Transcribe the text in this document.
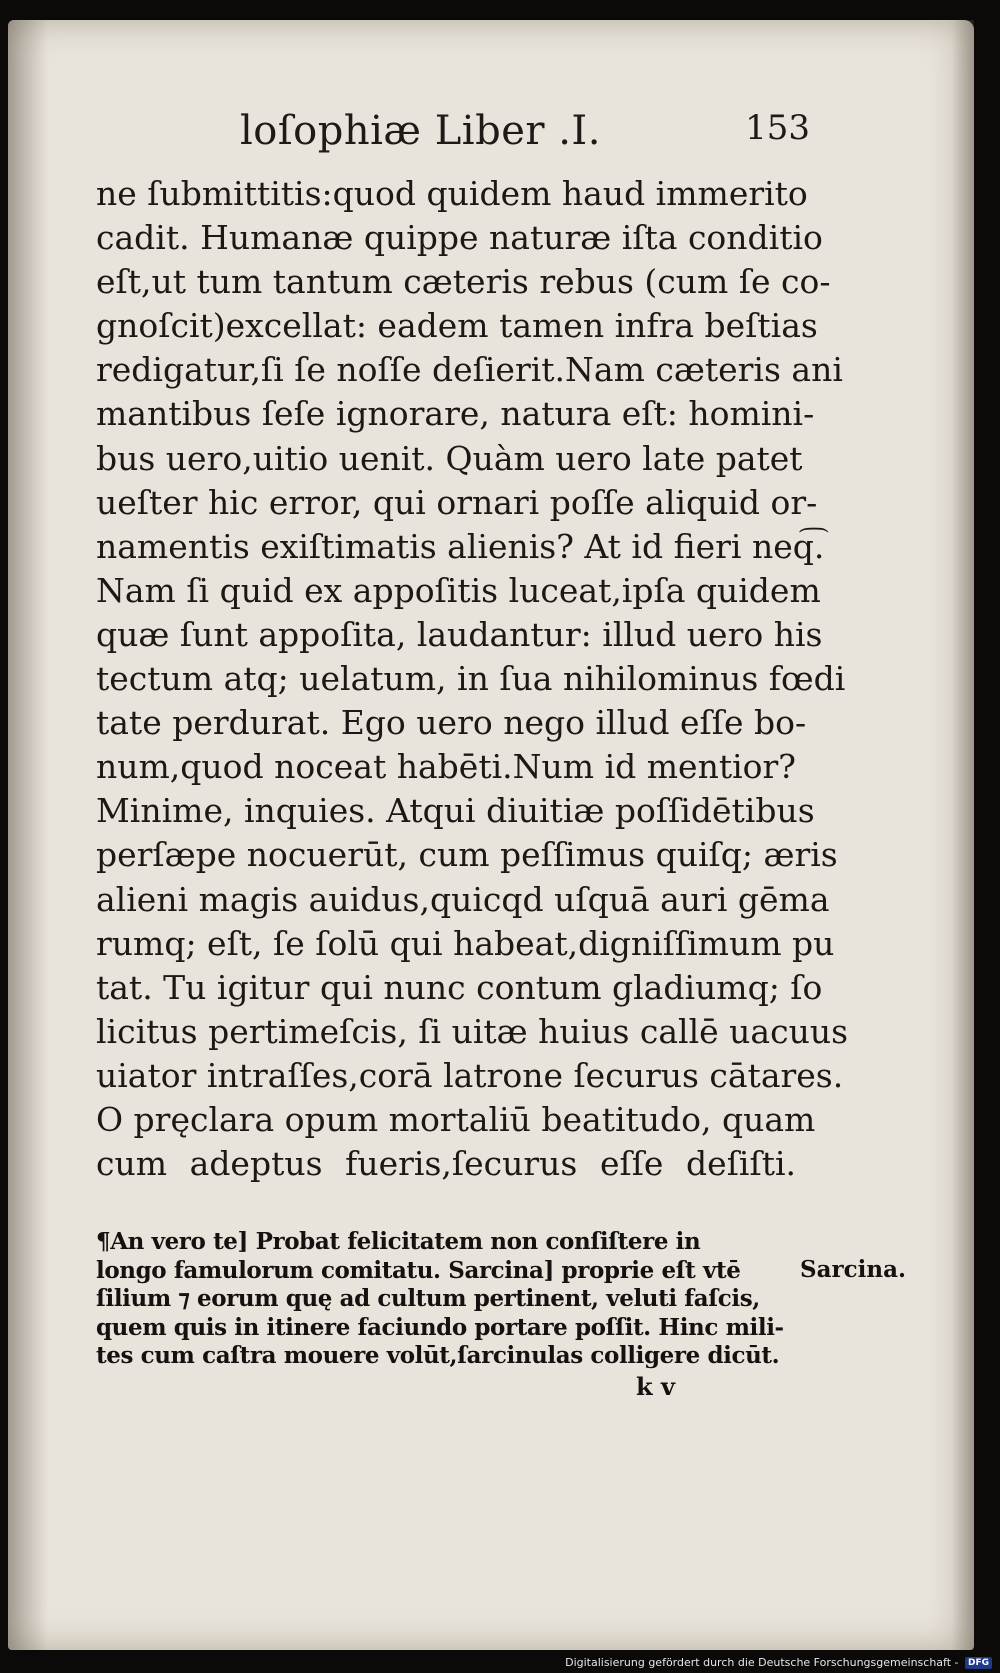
loſophiæ Liber .I.	153
ne ſubmittitis:quod quidem haud immerito
cadit. Humanæ quippe naturæ iſta conditio
eſt,ut tum tantum cæteris rebus (cum ſe co-
gnoſcit)excellat: eadem tamen infra beſtias
redigatur,ſi ſe noſſe deſierit.Nam cæteris ani
mantibus ſeſe ignorare, natura eſt: homini-
bus uero,uitio uenit. Quàm uero late patet
ueſter hic error, qui ornari poſſe aliquid or-
namentis exiſtimatis alienis? At id fieri neq͡.
Nam ſi quid ex appoſitis luceat,ipſa quidem
quæ ſunt appoſita, laudantur: illud uero his
tectum atq; uelatum, in ſua nihilominus fœdi
tate perdurat. Ego uero nego illud eſſe bo-
num,quod noceat habēti.Num id mentior?
Minime, inquies. Atqui diuitiæ poſſidētibus
perſæpe nocuerūt, cum peſſimus quiſq; æris
alieni magis auidus,quicqd uſquā auri gēma
rumq; eſt, ſe ſolū qui habeat,digniſſimum pu
tat. Tu igitur qui nunc contum gladiumq; ſo
licitus pertimeſcis, ſi uitæ huius callē uacuus
uiator intraſſes,corā latrone ſecurus cātares.
O pręclara opum mortaliū beatitudo, quam
cum adeptus fueris,ſecurus eſſe deſiſti.
¶An vero te] Probat felicitatem non conſiſtere in
longo famulorum comitatu. Sarcina] proprie eſt vtē
ſilium ⁊ eorum quę ad cultum pertinent, veluti faſcis,
quem quis in itinere faciundo portare poſſit. Hinc mili-
tes cum caſtra mouere volūt,ſarcinulas colligere dicūt.
Sarcina.
k v
Digitalisierung gefördert durch die Deutsche Forschungsgemeinschaft - DFG
